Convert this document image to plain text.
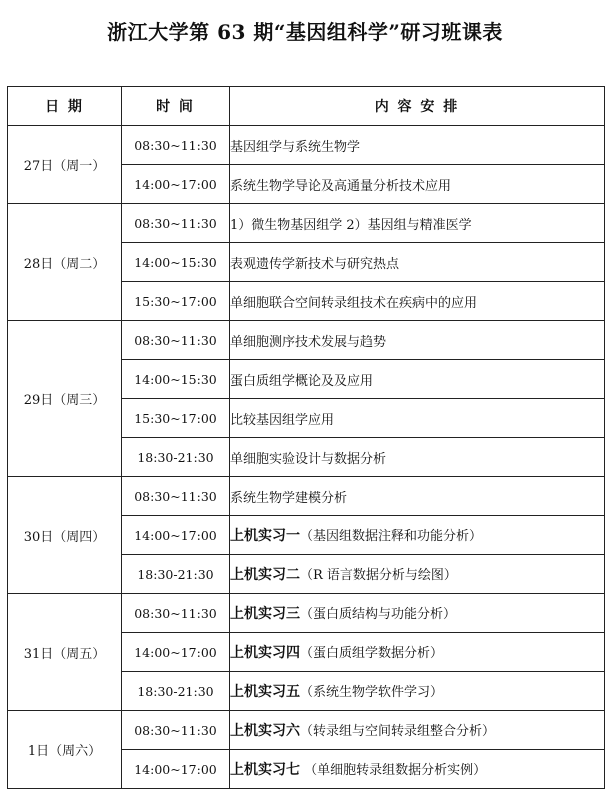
浙江大学第 63 期“基因组科学”研习班课表
日 期	时 间	内 容 安 排
27日（周一）	08:30~11:30	基因组学与系统生物学
	14:00~17:00	系统生物学导论及高通量分析技术应用
28日（周二）	08:30~11:30	1）微生物基因组学 2）基因组与精准医学
	14:00~15:30	表观遗传学新技术与研究热点
	15:30~17:00	单细胞联合空间转录组技术在疾病中的应用
29日（周三）	08:30~11:30	单细胞测序技术发展与趋势
	14:00~15:30	蛋白质组学概论及及应用
	15:30~17:00	比较基因组学应用
	18:30-21:30	单细胞实验设计与数据分析
30日（周四）	08:30~11:30	系统生物学建模分析
	14:00~17:00	上机实习一（基因组数据注释和功能分析）
	18:30-21:30	上机实习二（R 语言数据分析与绘图）
31日（周五）	08:30~11:30	上机实习三（蛋白质结构与功能分析）
	14:00~17:00	上机实习四（蛋白质组学数据分析）
	18:30-21:30	上机实习五（系统生物学软件学习）
1日（周六）	08:30~11:30	上机实习六（转录组与空间转录组整合分析）
	14:00~17:00	上机实习七 （单细胞转录组数据分析实例）
